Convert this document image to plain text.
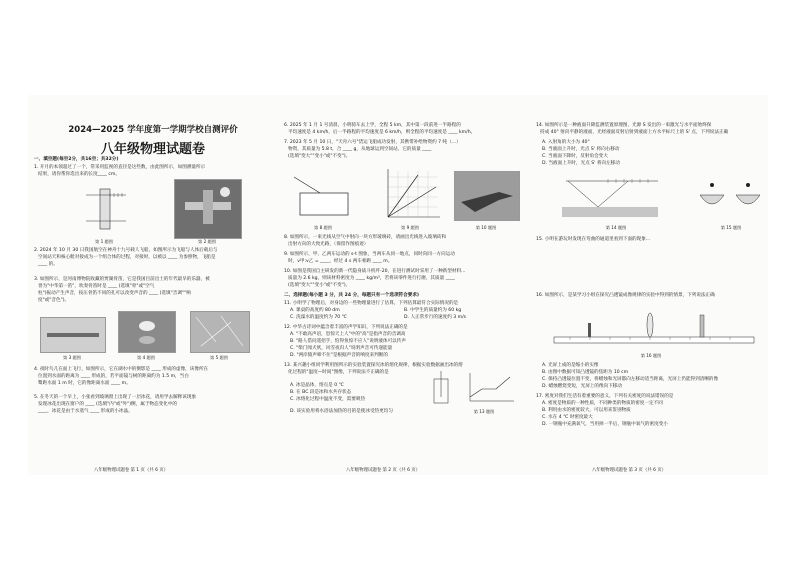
2024—2025 学年度第一学期学校自测评价
八年级物理试题卷
一、填空题(每空2分，共16空；共32分)
1. 开月的本领超过了一个，常采用监视的直径是这些数，由此图所示，如图测量所示
结果，请你帮你选出来的长度____ cm。
第 1 题图	第 2 题图
2. 2024 年 10 月 30 日我国航空在神舟十九号载人飞船，如图所示为飞船与人体后载后与
空间站天和核心舱对接成为一个组合体的过程，对接时，以被以 ____ 为参照物，飞船是
____ 的。
3. 如图所示，是河南博物院收藏的贾湖骨笛，它是我国目前出土的年代最早的乐器，被
誉为"中华第一笛"，吹奏骨笛时是 ____ (选填"骨"或"空气
柱")振动产生声音，按压骨笛不同的孔可以改变声音的 ____ (选填"音调""响
度"或"音色")。
第 3 题图	第 4 题图	第 5 题图
4. 夜时鸟儿在面上飞行，如图所示，它在湖水中的倒影是 ____ 形成的虚像，该像所在
位置到水面的距离为 ____ 形成的，若平面镜与树的距离约为 1.5 m，当白
鹭距水面 1 m 时，它的像距离水面 ____ m。
5. 在冬天的一个早上，小张看到玻璃窗上出现了一层冰花，请用学去解释该现象
发现冰花出现在窗户的 ____ (选填"内"或"外")侧，属于物态变化中的
____，冰花是由于水蒸气 ____ 形成的小冰晶。
八年级物理试题卷 第 1 页（共 6 页）
6. 2025 年 1 月 1 号清晨，小明骑车去上学，全程 5 km，其中第一段前进一半路程的
平均速度是 4 km/h，后一半路程的平均速度是 6 km/h，则全程的平均速度是 ____ km/h。
7. 2023 年 5 月 10 日，"天舟六号"货运飞船成功发射，其携带补给物资约 7 吨（...）
物资，其质量为 5.8 t，合 ____ g，从地球运到空间站，它的质量 ____
(选填"变大""变小"或"不变")。
第 8 题图	第 9 题图	第 10 题图
8. 如图所示，一束光线从空气中射向一块方形玻璃砖，请画出光线进入玻璃砖和
出射方向的大致光路，（保留作图痕迹）
9. 如图所示，甲、乙两车运动的 s-t 图象，当两车从同一地点，同时向同一方向运动
时，v甲:v乙 = ____，经过 4 s 两车相距 ____ m。
10. 如图是我国自主研发的新一代隐身战斗机歼-20，在进行测试时采用了一种新型材料...
质量为 2.6 kg，则该材料密度为 ____ kg/m³，若将该零件进行打磨，其质量 ____
(选填"变大""变小"或"不变")。
二、选择题(每小题 3 分，共 24 分，每题只有一个选项符合要求)
11. 小明学了物理后，对身边的一些物理量进行了估算，下列估算最符合实际情况的是
A. 课桌的高度约 80 dm	B. 中学生的质量约为 60 kg
C. 洗澡水的温度约为 70 ℃	D. 人正常步行的速度约 3 m/s
12. 中华古诗词中蕴含着丰富的声学知识，下列说法正确的是
A. "不敢高声语，恐惊天上人"中的"高"是指声音的音调高
B. "路人借问遥招手，怕得鱼惊不应人"说明液体可以传声
C. "柴门闻犬吠，风雪夜归人"说明声音可传递能量
D. "两岸猿声啼不住"是根据声音的响度来判断的
13. 某兴趣小组同学利用图所示的实验装置探究冰的熔化规律，根据实验数据画出冰的熔
化过程的"温度—时间"图像，下列说法不正确的是
A. 冰是晶体，熔点是 0 ℃
B. 在 BC 段是冰和水共存状态
C. 冰熔化过程中温度不变，需要吸热
D. 该实验用将水浴法加热的目的是使冰受热更均匀	第 13 题图
八年级物理试题卷 第 2 页（共 6 页）
14. 如图所示是一种液面升降监测装置原理图，光源 S 发出的一束激光与水平面始终保
持成 40° 射向平静的液面，光经液面反射后射到液面上方水平标尺上的 S' 点，下列说法正确
A. 入射角的大小为 40°
B. 当液面上升时，光点 S' 将向右移动
C. 当液面下降时，反射角会变大
D. 当液面上升时，光点 S' 将向左移动
第 14 题图	第 15 题图
15. 小明在游玩时发现在弯曲的通道里看到下面的现象...
16. 如图所示，是某学习小组在探究凸透镜成像规律的实验中得到的情景，下列说法正确
第 16 题图
A. 光屏上成的是缩小的实像
B. 由图中数据可知凸透镜的焦距为 10 cm
C. 保持凸透镜位置不变，将蜡烛和光屏都向左移动适当距离，光屏上仍能得到清晰的像
D. 蜡烛燃烧变短，光屏上的像向下移动
17. 密度对我们生活有着重要的意义，下列有关密度的说法错误的是
A. 密度是物质的一种性质，不同种类的物质的密度一定不同
B. 利用由水的密度较大，可以用来鉴别物质
C. 水在 4 ℃ 时密度最大
D. 一钢瓶中充满氧气，当用掉一半后，钢瓶中氧气的密度变小
八年级物理试题卷 第 3 页（共 6 页）
